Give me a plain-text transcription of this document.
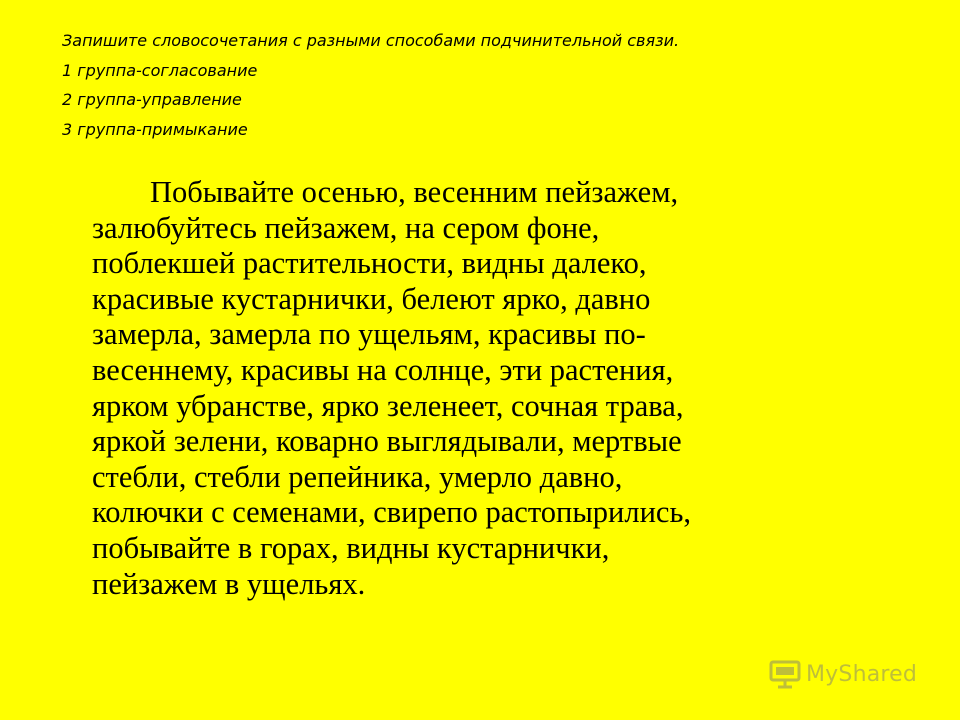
Запишите словосочетания с разными способами подчинительной связи.
1 группа-согласование
2 группа-управление
3 группа-примыкание
Побывайте осенью, весенним пейзажем,
залюбуйтесь пейзажем, на сером фоне,
поблекшей растительности, видны далеко,
красивые кустарнички, белеют ярко, давно
замерла, замерла по ущельям, красивы по-
весеннему, красивы на солнце, эти растения,
ярком убранстве, ярко зеленеет, сочная трава,
яркой зелени, коварно выглядывали, мертвые
стебли, стебли репейника, умерло давно,
колючки с семенами, свирепо растопырились,
побывайте в горах, видны кустарнички,
пейзажем в ущельях.
MyShared
